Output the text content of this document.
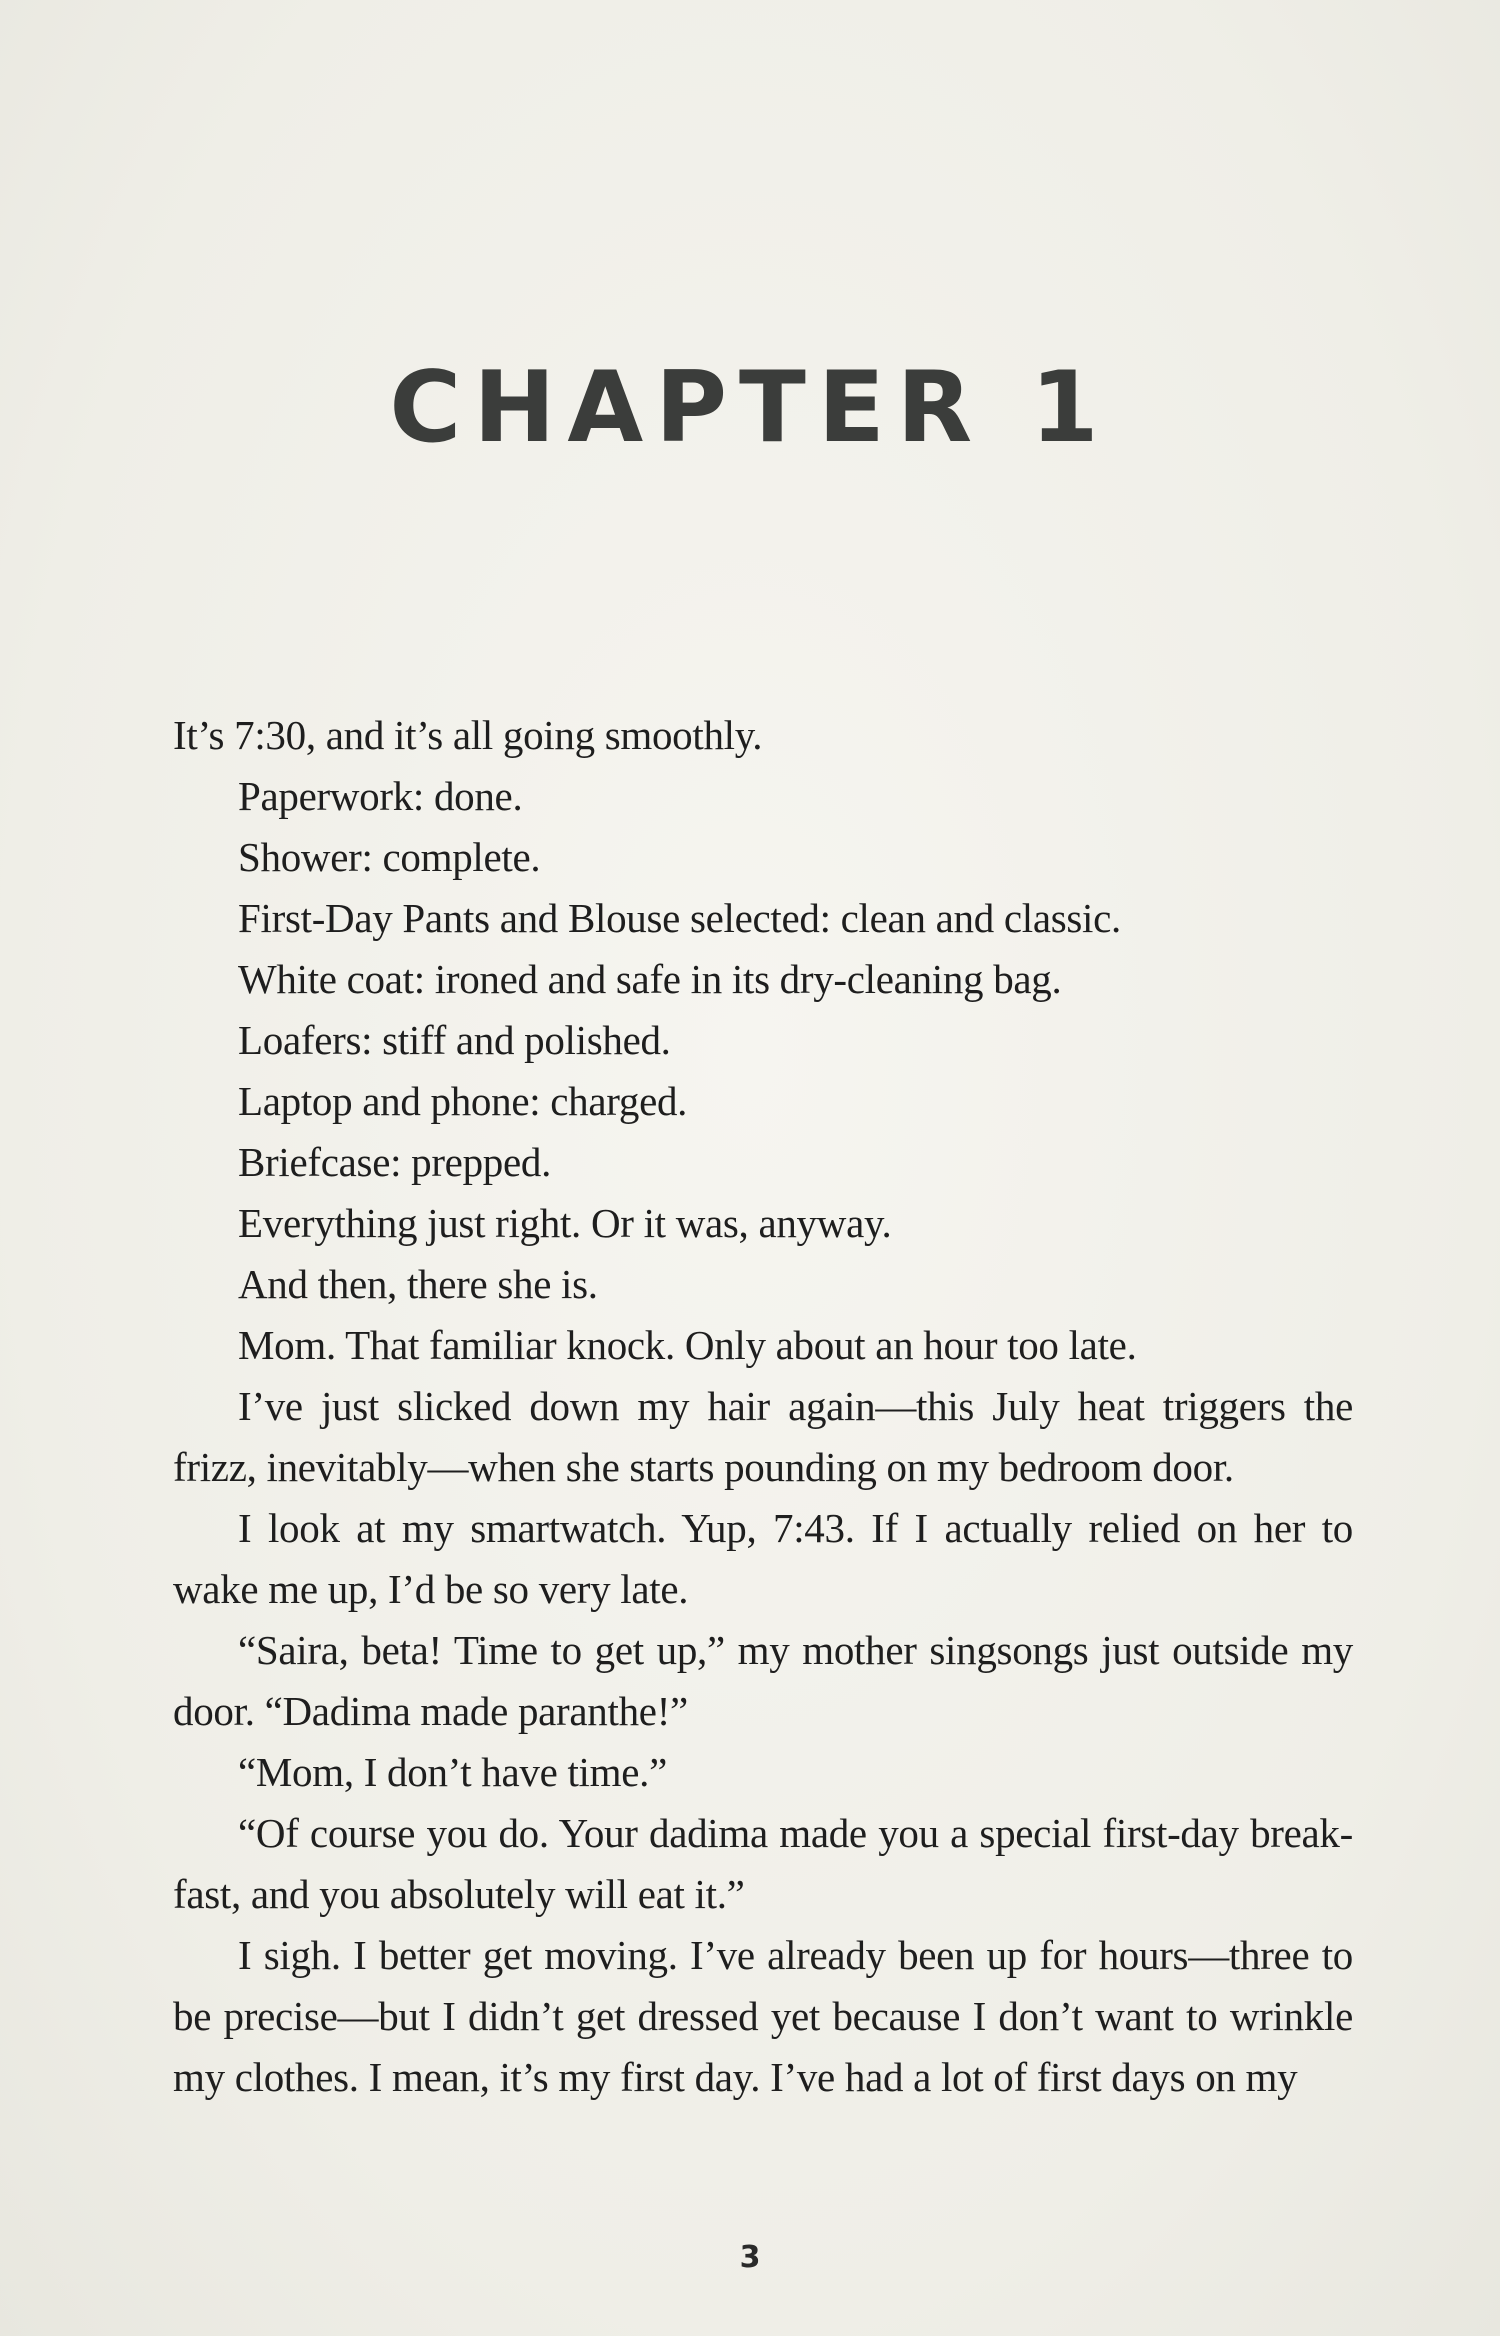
CHAPTER 1

It’s 7:30, and it’s all going smoothly.

Paperwork: done.

Shower: complete.

First-Day Pants and Blouse selected: clean and classic.

White coat: ironed and safe in its dry-cleaning bag.

Loafers: stiff and polished.

Laptop and phone: charged.

Briefcase: prepped.

Everything just right. Or it was, anyway.

And then, there she is.

Mom. That familiar knock. Only about an hour too late.

I’ve just slicked down my hair again—this July heat triggers the frizz, inevitably—when she starts pounding on my bedroom door.

I look at my smartwatch. Yup, 7:43. If I actually relied on her to wake me up, I’d be so very late.

“Saira, beta! Time to get up,” my mother singsongs just outside my door. “Dadima made paranthe!”

“Mom, I don’t have time.”

“Of course you do. Your dadima made you a special first-day break-fast, and you absolutely will eat it.”

I sigh. I better get moving. I’ve already been up for hours—three to be precise—but I didn’t get dressed yet because I don’t want to wrinkle my clothes. I mean, it’s my first day. I’ve had a lot of first days on my

3
